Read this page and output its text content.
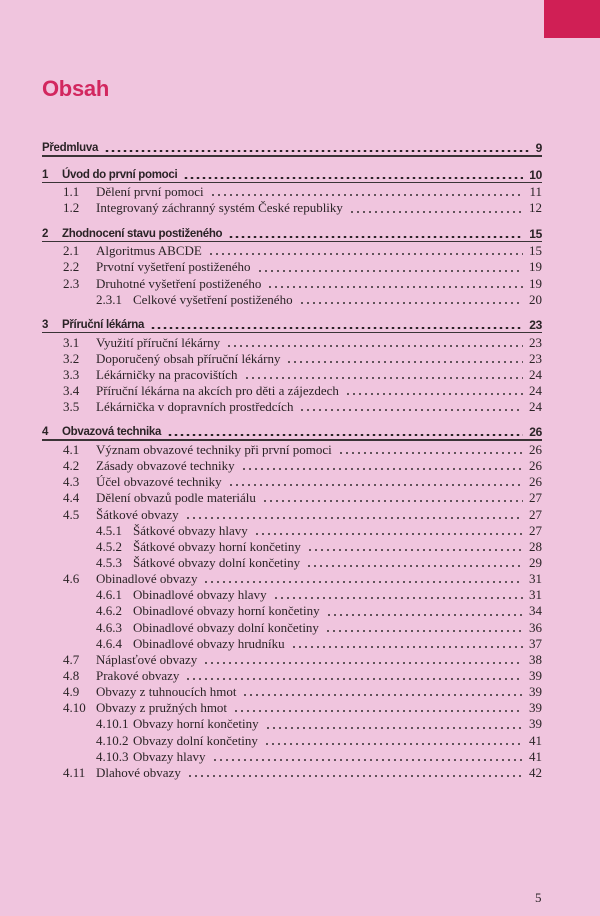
Obsah
Předmluva	9
1 Úvod do první pomoci	10
1.1 Dělení první pomoci	11
1.2 Integrovaný záchranný systém České republiky	12
2 Zhodnocení stavu postiženého	15
2.1 Algoritmus ABCDE	15
2.2 Prvotní vyšetření postiženého	19
2.3 Druhotné vyšetření postiženého	19
2.3.1 Celkové vyšetření postiženého	20
3 Příruční lékárna	23
3.1 Využití příruční lékárny	23
3.2 Doporučený obsah příruční lékárny	23
3.3 Lékárničky na pracovištích	24
3.4 Příruční lékárna na akcích pro děti a zájezdech	24
3.5 Lékárnička v dopravních prostředcích	24
4 Obvazová technika	26
4.1 Význam obvazové techniky při první pomoci	26
4.2 Zásady obvazové techniky	26
4.3 Účel obvazové techniky	26
4.4 Dělení obvazů podle materiálu	27
4.5 Šátkové obvazy	27
4.5.1 Šátkové obvazy hlavy	27
4.5.2 Šátkové obvazy horní končetiny	28
4.5.3 Šátkové obvazy dolní končetiny	29
4.6 Obinadlové obvazy	31
4.6.1 Obinadlové obvazy hlavy	31
4.6.2 Obinadlové obvazy horní končetiny	34
4.6.3 Obinadlové obvazy dolní končetiny	36
4.6.4 Obinadlové obvazy hrudníku	37
4.7 Náplasťové obvazy	38
4.8 Prakové obvazy	39
4.9 Obvazy z tuhnoucích hmot	39
4.10 Obvazy z pružných hmot	39
4.10.1 Obvazy horní končetiny	39
4.10.2 Obvazy dolní končetiny	41
4.10.3 Obvazy hlavy	41
4.11 Dlahové obvazy	42
5
